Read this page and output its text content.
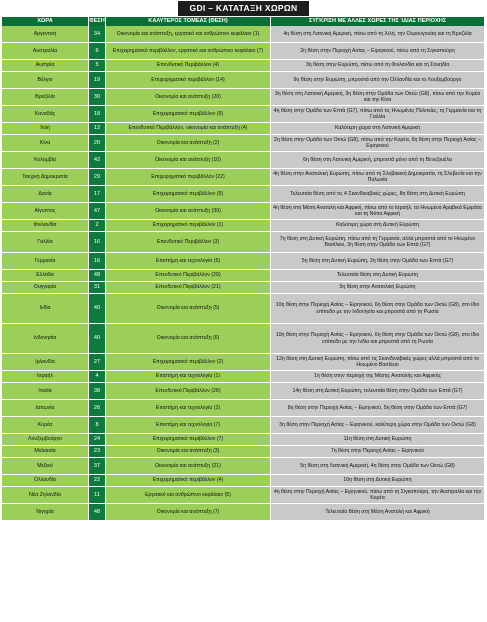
GDI – ΚΑΤΑΤΑΞΗ ΧΩΡΩΝ
ΧΩΡΑ	ΘΕΣΗ	ΚΑΛΥΤΕΡΟΣ ΤΟΜΕΑΣ (ΘΕΣΗ)	ΣΥΓΚΡΙΣΗ ΜΕ ΆΛΛΕΣ ΧΩΡΕΣ ΤΗΣ ΊΔΙΑΣ ΠΕΡΙΟΧΗΣ
Αργεντινή	34	Οικονομία και ανάπτυξη, εργατικό και ανθρώπινο κεφάλαιο (1)	4η θέση στη Λατινική Αμερική, πίσω από τη Χιλή, την Ουρουγουάη και τη Βραζιλία
Αυστραλία	6	Επιχειρηματικό περιβάλλον, εργατικό και ανθρώπινο κεφάλαιο (7)	2η θέση στην Περιοχή Ασίας – Ειρηνικού, πίσω από τη Σιγκαπούρη
Αυστρία	5	Επενδυτικό Περιβάλλον (4)	3η θέση στην Ευρώπη, πίσω από τη Φινλανδία και τη Σουηδία
Βέλγιο	19	Επιχειρηματικό περιβάλλον (14)	9η θέση στην Ευρώπη, μπροστά από την Ολλανδία και το Λουξεμβούργο
Βραζιλία	30	Οικονομία και ανάπτυξη (20)	3η θέση στη Λατινική Αμερική, 3η θέση στην Ομάδα των Οκτώ (G8), πίσω από την Κορέα και την Κίνα
Καναδάς	18	Επιχειρηματικό περιβάλλον (6)	4η θέση στην Ομάδα των Επτά (G7), πίσω από τις Ηνωμένες Πολιτείες, τη Γερμανία και τη Γαλλία
Χιλή	12	Επενδυτικό Περιβάλλον, οικονομία και ανάπτυξη (4)	Καλύτερη χώρα στη Λατινική Αμερική
Κίνα	20	Οικονομία και ανάπτυξη (2)	2η θέση στην Ομάδα των Οκτώ (G8), πίσω από την Κορέα, 6η θέση στην Περιοχή Ασίας – Ειρηνικού
Κολομβία	42	Οικονομία και ανάπτυξη (10)	6η θέση στη Λατινική Αμερική, μπροστά μόνο από τη Βενεζουέλα
Τσεχική Δημοκρατία	29	Επιχειρηματικό περιβάλλον (22)	4η θέση στην Ανατολική Ευρώπη, πίσω από τη Σλοβακική Δημοκρατία, τη Σλοβενία και την Πολωνία
Δανία	17	Επιχειρηματικό περιβάλλον (5)	Τελευταία θέση από τις 4 Σκανδιναβικές χώρες, 8η θέση στη Δυτική Ευρώπη
Αίγυπτος	47	Οικονομία και ανάπτυξη (39)	4η θέση στη Μέση Ανατολή και Αφρική, πίσω από το Ισραήλ, τα Ηνωμένα Αραβικά Εμιράτα και τη Νότια Αφρική
Φινλανδία	2	Επιχειρηματικό περιβάλλον (1)	Καλύτερη χώρα στη Δυτική Ευρώπη
Γαλλία	16	Επενδυτικό Περιβάλλον (3)	7η θέση στη Δυτική Ευρώπη, πίσω από τη Γερμανία, αλλά μπροστά από το Ηνωμένο Βασίλειο, 3η θέση στην Ομάδα των Επτά (G7)
Γερμανία	16	Επιστήμη και τεχνολογία (5)	5η θέση στη Δυτική Ευρώπη, 2η θέση στην Ομάδα των Επτά (G7)
Ελλάδα	48	Επενδυτικό Περιβάλλον (29)	Τελευταία θέση στη Δυτική Ευρώπη
Ουγγαρία	31	Επενδυτικό Περιβάλλον (21)	5η θέση στην Ανατολική Ευρώπη
Ινδία	40	Οικονομία και ανάπτυξη (5)	10η θέση στην Περιοχή Ασίας – Ειρηνικού, 6η θέση στην Ομάδα των Οκτώ (G8), στο ίδιο επίπεδο με την Ινδονησία και μπροστά από τη Ρωσία
Ινδονησία	40	Οικονομία και ανάπτυξη (6)	10η θέση στην Περιοχή Ασίας – Ειρηνικού, 6η θέση στην Ομάδα των Οκτώ (G8), στο ίδιο επίπεδο με την Ινδία και μπροστά από τη Ρωσία
Ιρλανδία	27	Επιχειρηματικό περιβάλλον (2)	12η θέση στη Δυτική Ευρώπη, πίσω από τις Σκανδιναβικές χώρες αλλά μπροστά από το Ηνωμένο Βασίλειο
Ισραήλ	4	Επιστήμη και τεχνολογία (1)	1η θέση στην περιοχή της Μέσης Ανατολής και Αφρικής
Ιταλία	38	Επενδυτικό Περιβάλλον (28)	14η θέση στη Δυτική Ευρώπη, τελευταία θέση στην Ομάδα των Επτά (G7)
Ιαπωνία	26	Επιστήμη και τεχνολογία (2)	8η θέση στην Περιοχή Ασίας – Ειρηνικού, 5η θέση στην Ομάδα των Επτά (G7)
Κορέα	8	Επιστήμη και τεχνολογία (7)	3η θέση στην Περιοχή Ασίας – Ειρηνικού, καλύτερη χώρα στην Ομάδα των Οκτώ (G8)
Λουξεμβούργο	24	Επιχειρηματικό περιβάλλον (7)	11η θέση στη Δυτική Ευρώπη
Μαλαισία	23	Οικονομία και ανάπτυξη (3)	7η θέση στην Περιοχή Ασίας – Ειρηνικού
Μεξικό	37	Οικονομία και ανάπτυξη (21)	5η θέση στη Λατινική Αμερική, 4η θέση στην Ομάδα των Οκτώ (G8)
Ολλανδία	22	Επιχειρηματικό περιβάλλον (4)	10η θέση στη Δυτική Ευρώπη
Νέα Ζηλανδία	11	Εργατικό και ανθρώπινο κεφάλαιο (5)	4η θέση στην Περιοχή Ασίας – Ειρηνικού, πίσω από τη Σιγκαπούρη, την Αυστραλία και την Κορέα
Νιγηρία	48	Οικονομία και ανάπτυξη (7)	Τελευταία θέση στη Μέση Ανατολή και Αφρική
